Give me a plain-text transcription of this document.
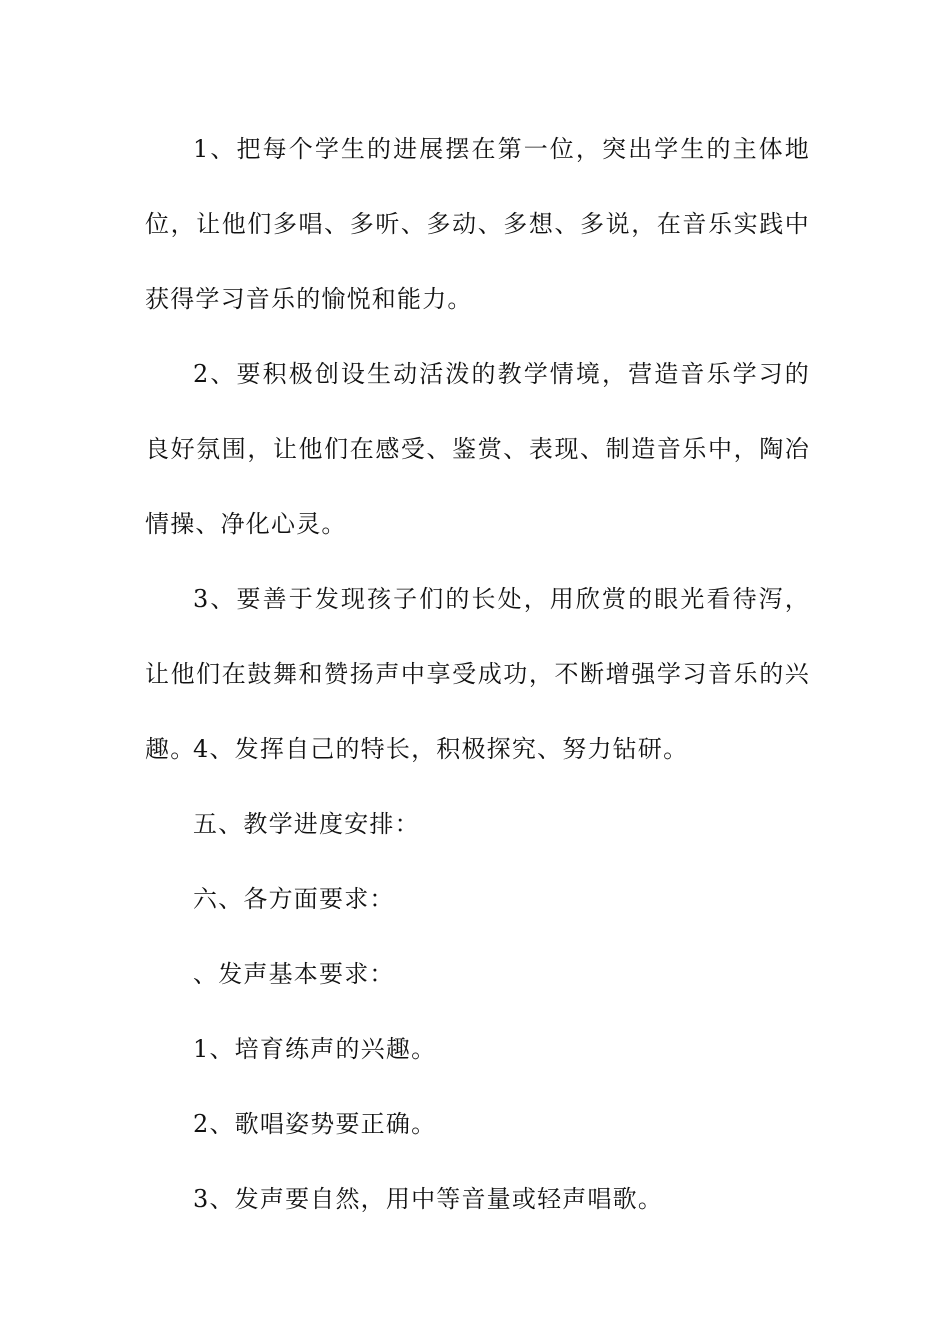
1、把每个学生的进展摆在第一位，突出学生的主体地位，让他们多唱、多听、多动、多想、多说，在音乐实践中获得学习音乐的愉悦和能力。

2、要积极创设生动活泼的教学情境，营造音乐学习的良好氛围，让他们在感受、鉴赏、表现、制造音乐中，陶冶情操、净化心灵。

3、要善于发现孩子们的长处，用欣赏的眼光看待泻，让他们在鼓舞和赞扬声中享受成功，不断增强学习音乐的兴趣。

4、发挥自己的特长，积极探究、努力钻研。

五、教学进度安排：

六、各方面要求：

、发声基本要求：

1、培育练声的兴趣。

2、歌唱姿势要正确。

3、发声要自然，用中等音量或轻声唱歌。
